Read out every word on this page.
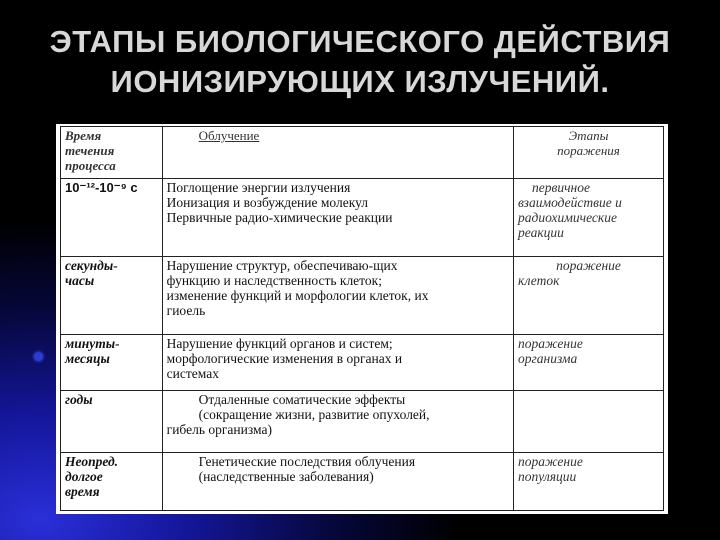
ЭТАПЫ БИОЛОГИЧЕСКОГО ДЕЙСТВИЯ
ИОНИЗИРУЮЩИХ ИЗЛУЧЕНИЙ.
Время
течения
процесса	Облучение	Этапы
поражения

10⁻¹²-10⁻⁹ с	Поглощение энергии излучения
Ионизация и возбуждение молекул
Первичные радио-химические реакции	первичное
взаимодействие и
радиохимические
реакции

секунды-
часы	Нарушение структур, обеспечиваю-щих
функцию и наследственность клеток;
изменение функций и морфологии клеток, их
гиоель	поражение
клеток

минуты-
месяцы	Нарушение функций органов и систем;
морфологические изменения в органах и
системах	поражение
организма

годы	Отдаленные соматические эффекты
(сокращение жизни, развитие опухолей,
гибель организма)	

Неопред.
долгое
время	Генетические последствия облучения
(наследственные заболевания)	поражение
популяции
